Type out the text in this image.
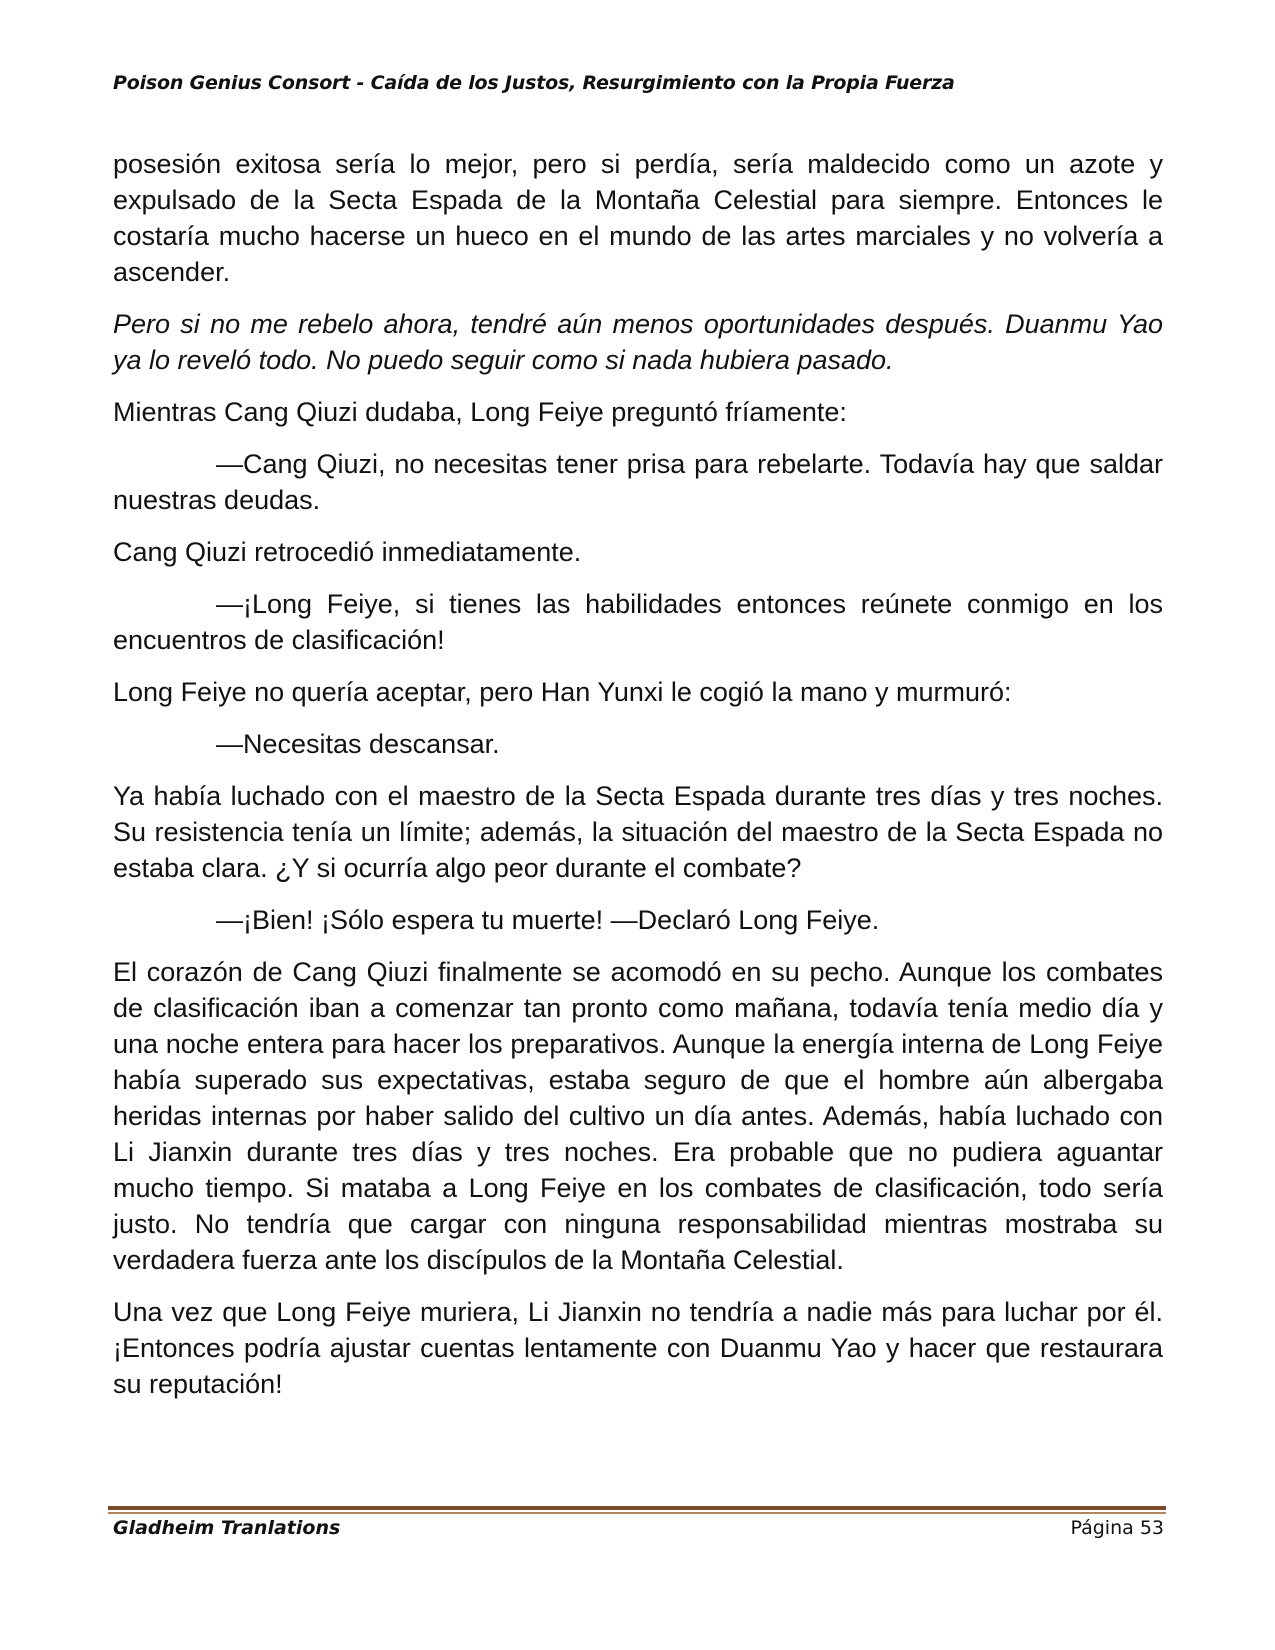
Poison Genius Consort - Caída de los Justos, Resurgimiento con la Propia Fuerza

posesión exitosa sería lo mejor, pero si perdía, sería maldecido como un azote y expulsado de la Secta Espada de la Montaña Celestial para siempre. Entonces le costaría mucho hacerse un hueco en el mundo de las artes marciales y no volvería a ascender.

Pero si no me rebelo ahora, tendré aún menos oportunidades después. Duanmu Yao ya lo reveló todo. No puedo seguir como si nada hubiera pasado.

Mientras Cang Qiuzi dudaba, Long Feiye preguntó fríamente:

—Cang Qiuzi, no necesitas tener prisa para rebelarte. Todavía hay que saldar nuestras deudas.

Cang Qiuzi retrocedió inmediatamente.

—¡Long Feiye, si tienes las habilidades entonces reúnete conmigo en los encuentros de clasificación!

Long Feiye no quería aceptar, pero Han Yunxi le cogió la mano y murmuró:

—Necesitas descansar.

Ya había luchado con el maestro de la Secta Espada durante tres días y tres noches. Su resistencia tenía un límite; además, la situación del maestro de la Secta Espada no estaba clara. ¿Y si ocurría algo peor durante el combate?

—¡Bien! ¡Sólo espera tu muerte! —Declaró Long Feiye.

El corazón de Cang Qiuzi finalmente se acomodó en su pecho. Aunque los combates de clasificación iban a comenzar tan pronto como mañana, todavía tenía medio día y una noche entera para hacer los preparativos. Aunque la energía interna de Long Feiye había superado sus expectativas, estaba seguro de que el hombre aún albergaba heridas internas por haber salido del cultivo un día antes. Además, había luchado con Li Jianxin durante tres días y tres noches. Era probable que no pudiera aguantar mucho tiempo. Si mataba a Long Feiye en los combates de clasificación, todo sería justo. No tendría que cargar con ninguna responsabilidad mientras mostraba su verdadera fuerza ante los discípulos de la Montaña Celestial.

Una vez que Long Feiye muriera, Li Jianxin no tendría a nadie más para luchar por él. ¡Entonces podría ajustar cuentas lentamente con Duanmu Yao y hacer que restaurara su reputación!

Gladheim Tranlations	Página 53
